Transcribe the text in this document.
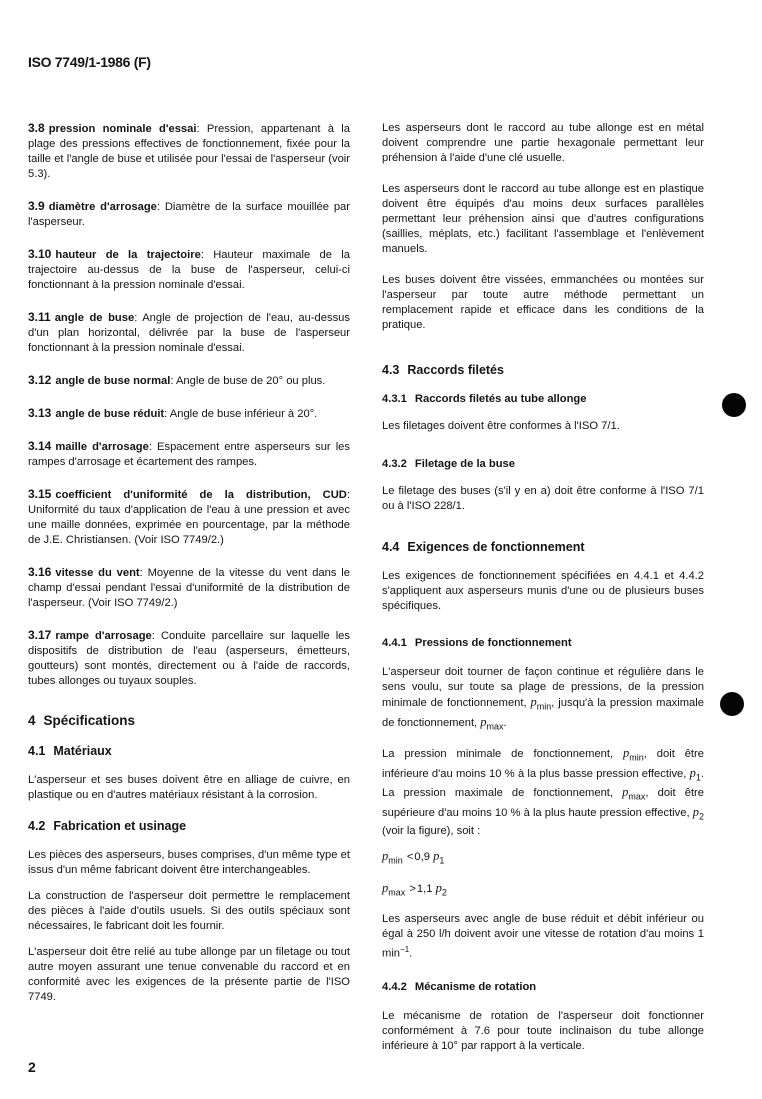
ISO 7749/1-1986 (F)

3.8 pression nominale d'essai: Pression, appartenant à la plage des pressions effectives de fonctionnement, fixée pour la taille et l'angle de buse et utilisée pour l'essai de l'asperseur (voir 5.3).

3.9 diamètre d'arrosage: Diamètre de la surface mouillée par l'asperseur.

3.10 hauteur de la trajectoire: Hauteur maximale de la trajectoire au-dessus de la buse de l'asperseur, celui-ci fonctionnant à la pression nominale d'essai.

3.11 angle de buse: Angle de projection de l'eau, au-dessus d'un plan horizontal, délivrée par la buse de l'asperseur fonctionnant à la pression nominale d'essai.

3.12 angle de buse normal: Angle de buse de 20° ou plus.

3.13 angle de buse réduit: Angle de buse inférieur à 20°.

3.14 maille d'arrosage: Espacement entre asperseurs sur les rampes d'arrosage et écartement des rampes.

3.15 coefficient d'uniformité de la distribution, CUD: Uniformité du taux d'application de l'eau à une pression et avec une maille données, exprimée en pourcentage, par la méthode de J.E. Christiansen. (Voir ISO 7749/2.)

3.16 vitesse du vent: Moyenne de la vitesse du vent dans le champ d'essai pendant l'essai d'uniformité de la distribution de l'asperseur. (Voir ISO 7749/2.)

3.17 rampe d'arrosage: Conduite parcellaire sur laquelle les dispositifs de distribution de l'eau (asperseurs, émetteurs, goutteurs) sont montés, directement ou à l'aide de raccords, tubes allonges ou tuyaux souples.

4 Spécifications
4.1 Matériaux

L'asperseur et ses buses doivent être en alliage de cuivre, en plastique ou en d'autres matériaux résistant à la corrosion.

4.2 Fabrication et usinage

Les pièces des asperseurs, buses comprises, d'un même type et issus d'un même fabricant doivent être interchangeables.

La construction de l'asperseur doit permettre le remplacement des pièces à l'aide d'outils usuels. Si des outils spéciaux sont nécessaires, le fabricant doit les fournir.

L'asperseur doit être relié au tube allonge par un filetage ou tout autre moyen assurant une tenue convenable du raccord et en conformité avec les exigences de la présente partie de l'ISO 7749.

Les asperseurs dont le raccord au tube allonge est en métal doivent comprendre une partie hexagonale permettant leur préhension à l'aide d'une clé usuelle.

Les asperseurs dont le raccord au tube allonge est en plastique doivent être équipés d'au moins deux surfaces parallèles permettant leur préhension ainsi que d'autres configurations (saillies, méplats, etc.) facilitant l'assemblage et l'enlèvement manuels.

Les buses doivent être vissées, emmanchées ou montées sur l'asperseur par toute autre méthode permettant un remplacement rapide et efficace dans les conditions de la pratique.

4.3 Raccords filetés
4.3.1 Raccords filetés au tube allonge

Les filetages doivent être conformes à l'ISO 7/1.

4.3.2 Filetage de la buse

Le filetage des buses (s'il y en a) doit être conforme à l'ISO 7/1 ou à l'ISO 228/1.

4.4 Exigences de fonctionnement

Les exigences de fonctionnement spécifiées en 4.4.1 et 4.4.2 s'appliquent aux asperseurs munis d'une ou de plusieurs buses spécifiques.

4.4.1 Pressions de fonctionnement

L'asperseur doit tourner de façon continue et régulière dans le sens voulu, sur toute sa plage de pressions, de la pression minimale de fonctionnement, $p_{min}$, jusqu'à la pression maximale de fonctionnement, $p_{max}$.

La pression minimale de fonctionnement, $p_{min}$, doit être inférieure d'au moins 10 % à la plus basse pression effective, $p_1$. La pression maximale de fonctionnement, $p_{max}$, doit être supérieure d'au moins 10 % à la plus haute pression effective, $p_2$ (voir la figure), soit :

$p_{min} <0,9$ $p_1$

$p_{max} >1,1$ $p_2$

Les asperseurs avec angle de buse réduit et débit inférieur ou égal à 250 l/h doivent avoir une vitesse de rotation d'au moins 1 $\min^{-1}$.

4.4.2 Mécanisme de rotation

Le mécanisme de rotation de l'asperseur doit fonctionner conformément à 7.6 pour toute inclinaison du tube allonge inférieure à 10° par rapport à la verticale.

2
